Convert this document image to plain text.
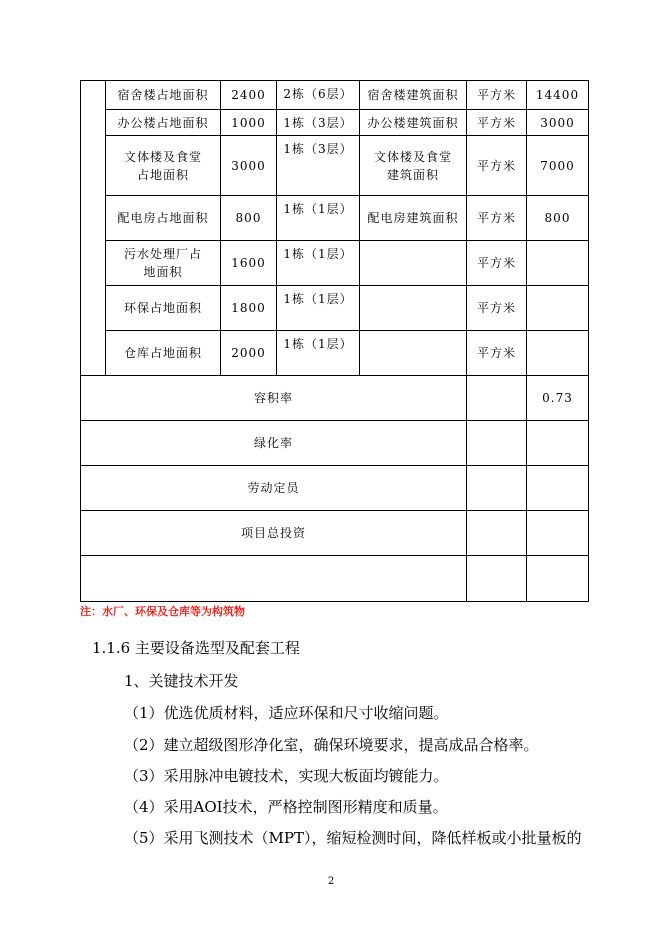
	宿舍楼占地面积	2400	2栋（6层）	宿舍楼建筑面积	平方米	14400
	办公楼占地面积	1000	1栋（3层）	办公楼建筑面积	平方米	3000
	文体楼及食堂占地面积	3000	1栋（3层）	文体楼及食堂建筑面积	平方米	7000
	配电房占地面积	800	1栋（1层）	配电房建筑面积	平方米	800
	污水处理厂占地面积	1600	1栋（1层）		平方米	
	环保占地面积	1800	1栋（1层）		平方米	
	仓库占地面积	2000	1栋（1层）		平方米	
容积率						0.73
绿化率						
劳动定员						
项目总投资						

注：水厂、环保及仓库等为构筑物
1.1.6 主要设备选型及配套工程
1、关键技术开发
（1）优选优质材料，适应环保和尺寸收缩问题。
（2）建立超级图形净化室，确保环境要求，提高成品合格率。
（3）采用脉冲电镀技术，实现大板面均镀能力。
（4）采用AOI技术，严格控制图形精度和质量。
（5）采用飞测技术（MPT），缩短检测时间，降低样板或小批量板的
2
